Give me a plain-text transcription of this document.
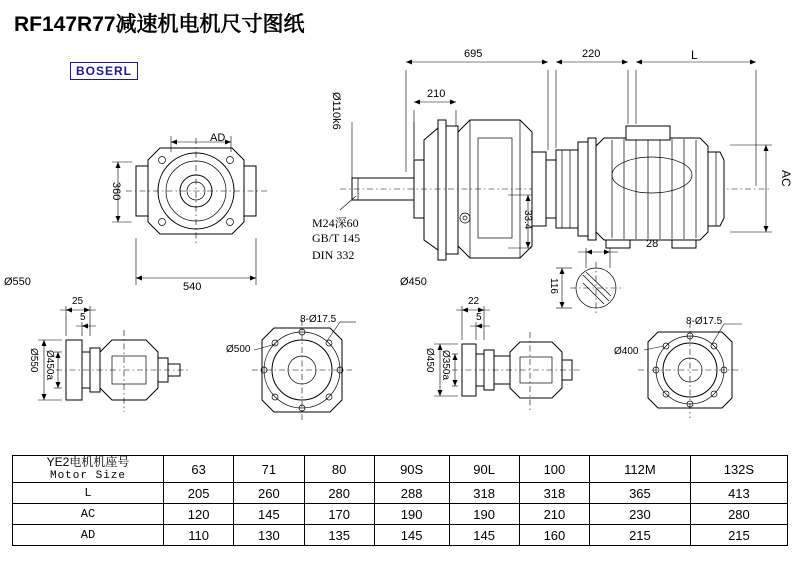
RF147R77减速机电机尺寸图纸
BOSERL
695	220	L
210
AD
AC
360
540
33.4
28
116
25
5
22
5
Ø110k6
M24深60
GB/T 145
DIN 332
Ø550	Ø450
Ø550 Ø450a
Ø500
8-Ø17.5
Ø450 Ø350a	Ø400
8-Ø17.5
YE2电机机座号
Motor Size	63	71	80	90S	90L	100	112M	132S
L	205	260	280	288	318	318	365	413
AC	120	145	170	190	190	210	230	280
AD	110	130	135	145	145	160	215	215
